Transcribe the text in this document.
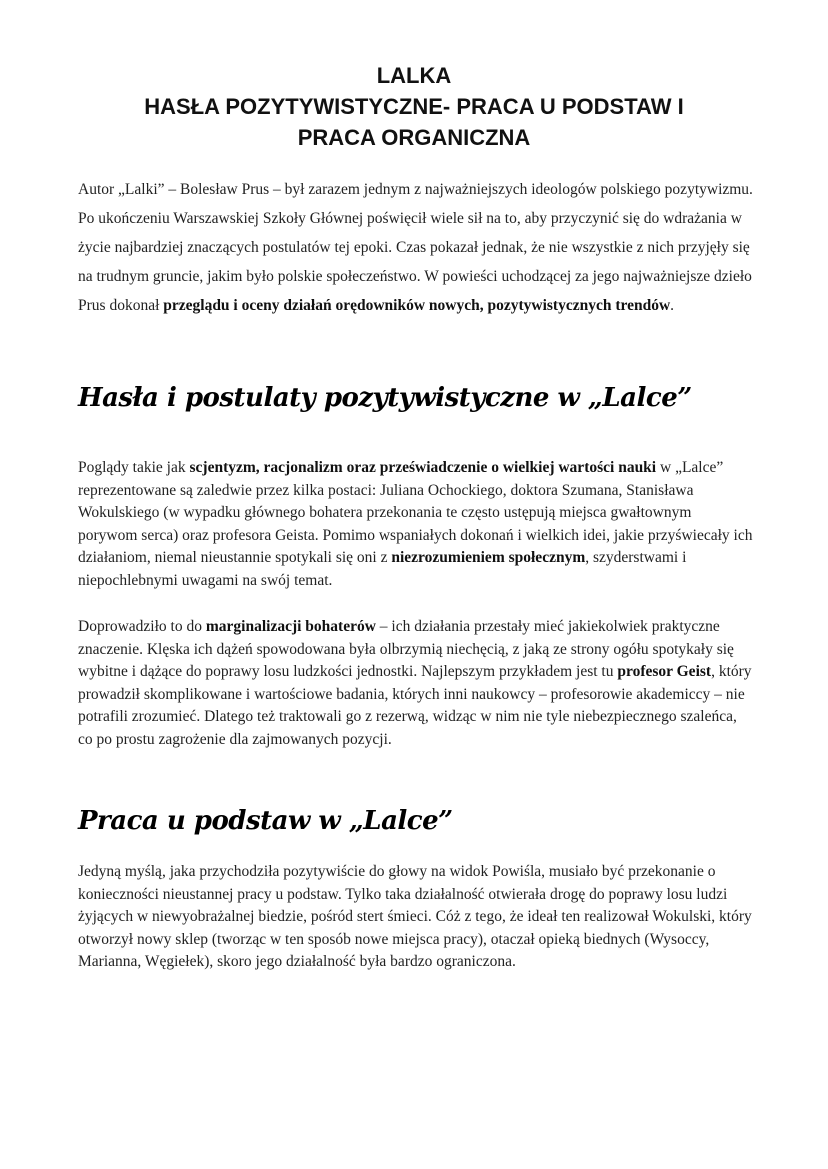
LALKA
HASŁA POZYTYWISTYCZNE- PRACA U PODSTAW I
PRACA ORGANICZNA

Autor „Lalki” – Bolesław Prus – był zarazem jednym z najważniejszych ideologów polskiego pozytywizmu. Po ukończeniu Warszawskiej Szkoły Głównej poświęcił wiele sił na to, aby przyczynić się do wdrażania w życie najbardziej znaczących postulatów tej epoki. Czas pokazał jednak, że nie wszystkie z nich przyjęły się na trudnym gruncie, jakim było polskie społeczeństwo. W powieści uchodzącej za jego najważniejsze dzieło Prus dokonał przeglądu i oceny działań orędowników nowych, pozytywistycznych trendów.

Hasła i postulaty pozytywistyczne w „Lalce”

Poglądy takie jak scjentyzm, racjonalizm oraz przeświadczenie o wielkiej wartości nauki w „Lalce” reprezentowane są zaledwie przez kilka postaci: Juliana Ochockiego, doktora Szumana, Stanisława Wokulskiego (w wypadku głównego bohatera przekonania te często ustępują miejsca gwałtownym porywom serca) oraz profesora Geista. Pomimo wspaniałych dokonań i wielkich idei, jakie przyświecały ich działaniom, niemal nieustannie spotykali się oni z niezrozumieniem społecznym, szyderstwami i niepochlebnymi uwagami na swój temat.

Doprowadziło to do marginalizacji bohaterów – ich działania przestały mieć jakiekolwiek praktyczne znaczenie. Klęska ich dążeń spowodowana była olbrzymią niechęcią, z jaką ze strony ogółu spotykały się wybitne i dążące do poprawy losu ludzkości jednostki. Najlepszym przykładem jest tu profesor Geist, który prowadził skomplikowane i wartościowe badania, których inni naukowcy – profesorowie akademiccy – nie potrafili zrozumieć. Dlatego też traktowali go z rezerwą, widząc w nim nie tyle niebezpiecznego szaleńca, co po prostu zagrożenie dla zajmowanych pozycji.

Praca u podstaw w „Lalce”

Jedyną myślą, jaka przychodziła pozytywiście do głowy na widok Powiśla, musiało być przekonanie o konieczności nieustannej pracy u podstaw. Tylko taka działalność otwierała drogę do poprawy losu ludzi żyjących w niewyobrażalnej biedzie, pośród stert śmieci. Cóż z tego, że ideał ten realizował Wokulski, który otworzył nowy sklep (tworząc w ten sposób nowe miejsca pracy), otaczał opieką biednych (Wysoccy, Marianna, Węgiełek), skoro jego działalność była bardzo ograniczona.
